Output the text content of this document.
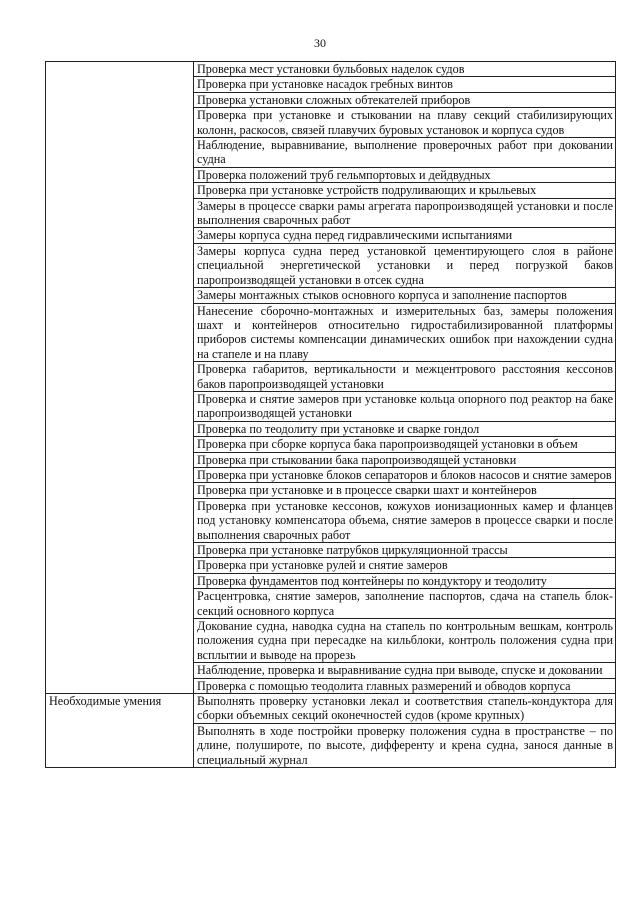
30
	Проверка мест установки бульбовых наделок судов
	Проверка при установке насадок гребных винтов
	Проверка установки сложных обтекателей приборов
	Проверка при установке и стыковании на плаву секций стабилизирующих колонн, раскосов, связей плавучих буровых установок и корпуса судов
	Наблюдение, выравнивание, выполнение проверочных работ при доковании судна
	Проверка положений труб гельмпортовых и дейдвудных
	Проверка при установке устройств подруливающих и крыльевых
	Замеры в процессе сварки рамы агрегата паропроизводящей установки и после выполнения сварочных работ
	Замеры корпуса судна перед гидравлическими испытаниями
	Замеры корпуса судна перед установкой цементирующего слоя в районе специальной энергетической установки и перед погрузкой баков паропроизводящей установки в отсек судна
	Замеры монтажных стыков основного корпуса и заполнение паспортов
	Нанесение сборочно-монтажных и измерительных баз, замеры положения шахт и контейнеров относительно гидростабилизированной платформы приборов системы компенсации динамических ошибок при нахождении судна на стапеле и на плаву
	Проверка габаритов, вертикальности и межцентрового расстояния кессонов баков паропроизводящей установки
	Проверка и снятие замеров при установке кольца опорного под реактор на баке паропроизводящей установки
	Проверка по теодолиту при установке и сварке гондол
	Проверка при сборке корпуса бака паропроизводящей установки в объем
	Проверка при стыковании бака паропроизводящей установки
	Проверка при установке блоков сепараторов и блоков насосов и снятие замеров
	Проверка при установке и в процессе сварки шахт и контейнеров
	Проверка при установке кессонов, кожухов ионизационных камер и фланцев под установку компенсатора объема, снятие замеров в процессе сварки и после выполнения сварочных работ
	Проверка при установке патрубков циркуляционной трассы
	Проверка при установке рулей и снятие замеров
	Проверка фундаментов под контейнеры по кондуктору и теодолиту
	Расцентровка, снятие замеров, заполнение паспортов, сдача на стапель блок-секций основного корпуса
	Докование судна, наводка судна на стапель по контрольным вешкам, контроль положения судна при пересадке на кильблоки, контроль положения судна при всплытии и выводе на прорезь
	Наблюдение, проверка и выравнивание судна при выводе, спуске и доковании
	Проверка с помощью теодолита главных размерений и обводов корпуса
Необходимые умения	Выполнять проверку установки лекал и соответствия стапель-кондуктора для сборки объемных секций оконечностей судов (кроме крупных)
	Выполнять в ходе постройки проверку положения судна в пространстве – по длине, полушироте, по высоте, дифференту и крена судна, занося данные в специальный журнал
